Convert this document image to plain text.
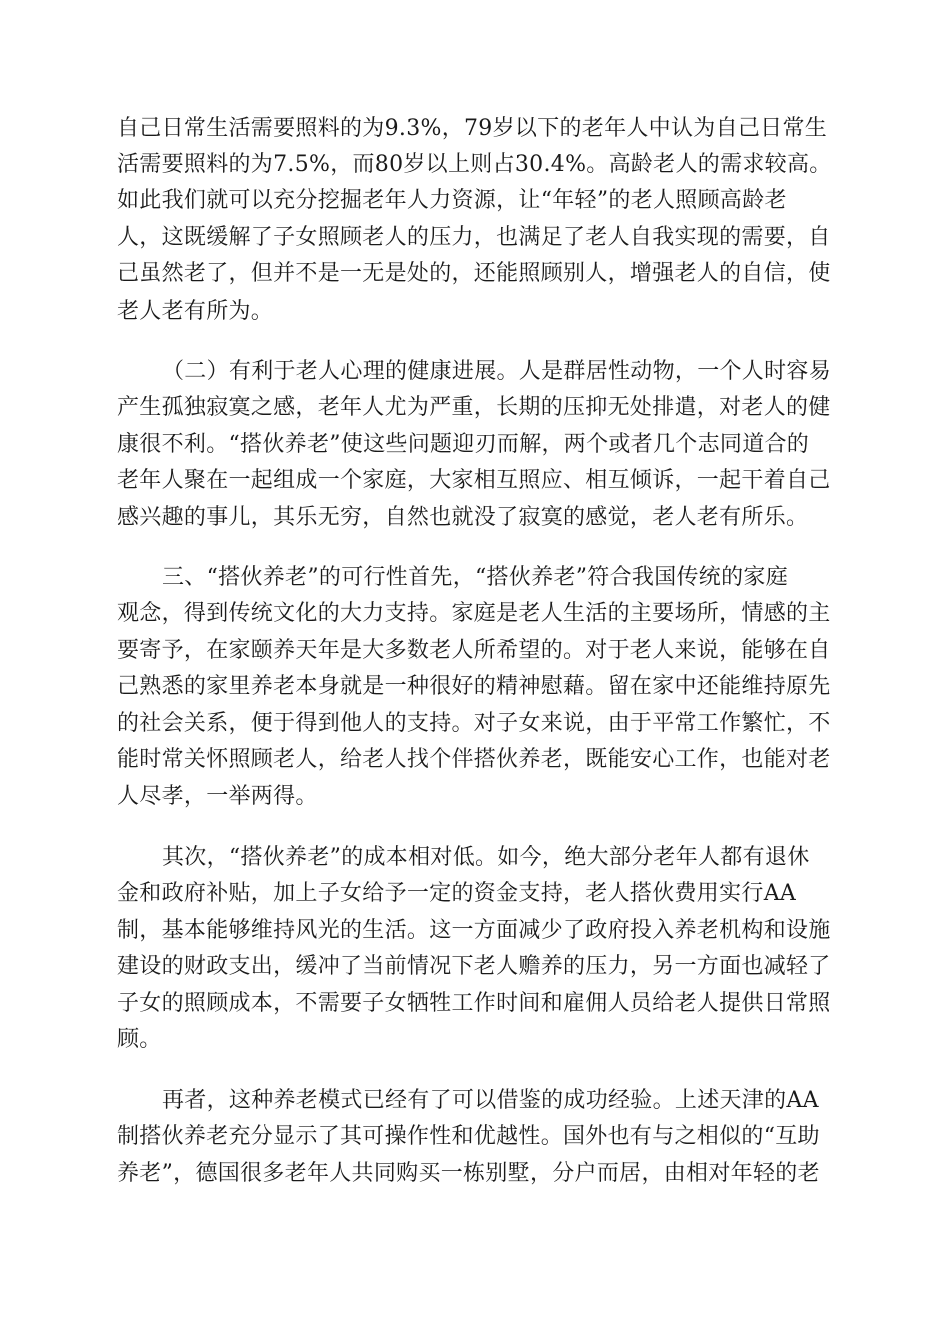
自己日常生活需要照料的为9.3%，79岁以下的老年人中认为自己日常生

活需要照料的为7.5%，而80岁以上则占30.4%。高龄老人的需求较高。

如此我们就可以充分挖掘老年人力资源，让“年轻”的老人照顾高龄老

人，这既缓解了子女照顾老人的压力，也满足了老人自我实现的需要，自

己虽然老了，但并不是一无是处的，还能照顾别人，增强老人的自信，使

老人老有所为。

（二）有利于老人心理的健康进展。人是群居性动物，一个人时容易

产生孤独寂寞之感，老年人尤为严重，长期的压抑无处排遣，对老人的健

康很不利。“搭伙养老”使这些问题迎刃而解，两个或者几个志同道合的

老年人聚在一起组成一个家庭，大家相互照应、相互倾诉，一起干着自己

感兴趣的事儿，其乐无穷，自然也就没了寂寞的感觉，老人老有所乐。

三、“搭伙养老”的可行性首先，“搭伙养老”符合我国传统的家庭

观念，得到传统文化的大力支持。家庭是老人生活的主要场所，情感的主

要寄予，在家颐养天年是大多数老人所希望的。对于老人来说，能够在自

己熟悉的家里养老本身就是一种很好的精神慰藉。留在家中还能维持原先

的社会关系，便于得到他人的支持。对子女来说，由于平常工作繁忙，不

能时常关怀照顾老人，给老人找个伴搭伙养老，既能安心工作，也能对老

人尽孝，一举两得。

其次，“搭伙养老”的成本相对低。如今，绝大部分老年人都有退休

金和政府补贴，加上子女给予一定的资金支持，老人搭伙费用实行AA

制，基本能够维持风光的生活。这一方面减少了政府投入养老机构和设施

建设的财政支出，缓冲了当前情况下老人赡养的压力，另一方面也减轻了

子女的照顾成本，不需要子女牺牲工作时间和雇佣人员给老人提供日常照

顾。

再者，这种养老模式已经有了可以借鉴的成功经验。上述天津的AA

制搭伙养老充分显示了其可操作性和优越性。国外也有与之相似的“互助

养老”，德国很多老年人共同购买一栋别墅，分户而居，由相对年轻的老
